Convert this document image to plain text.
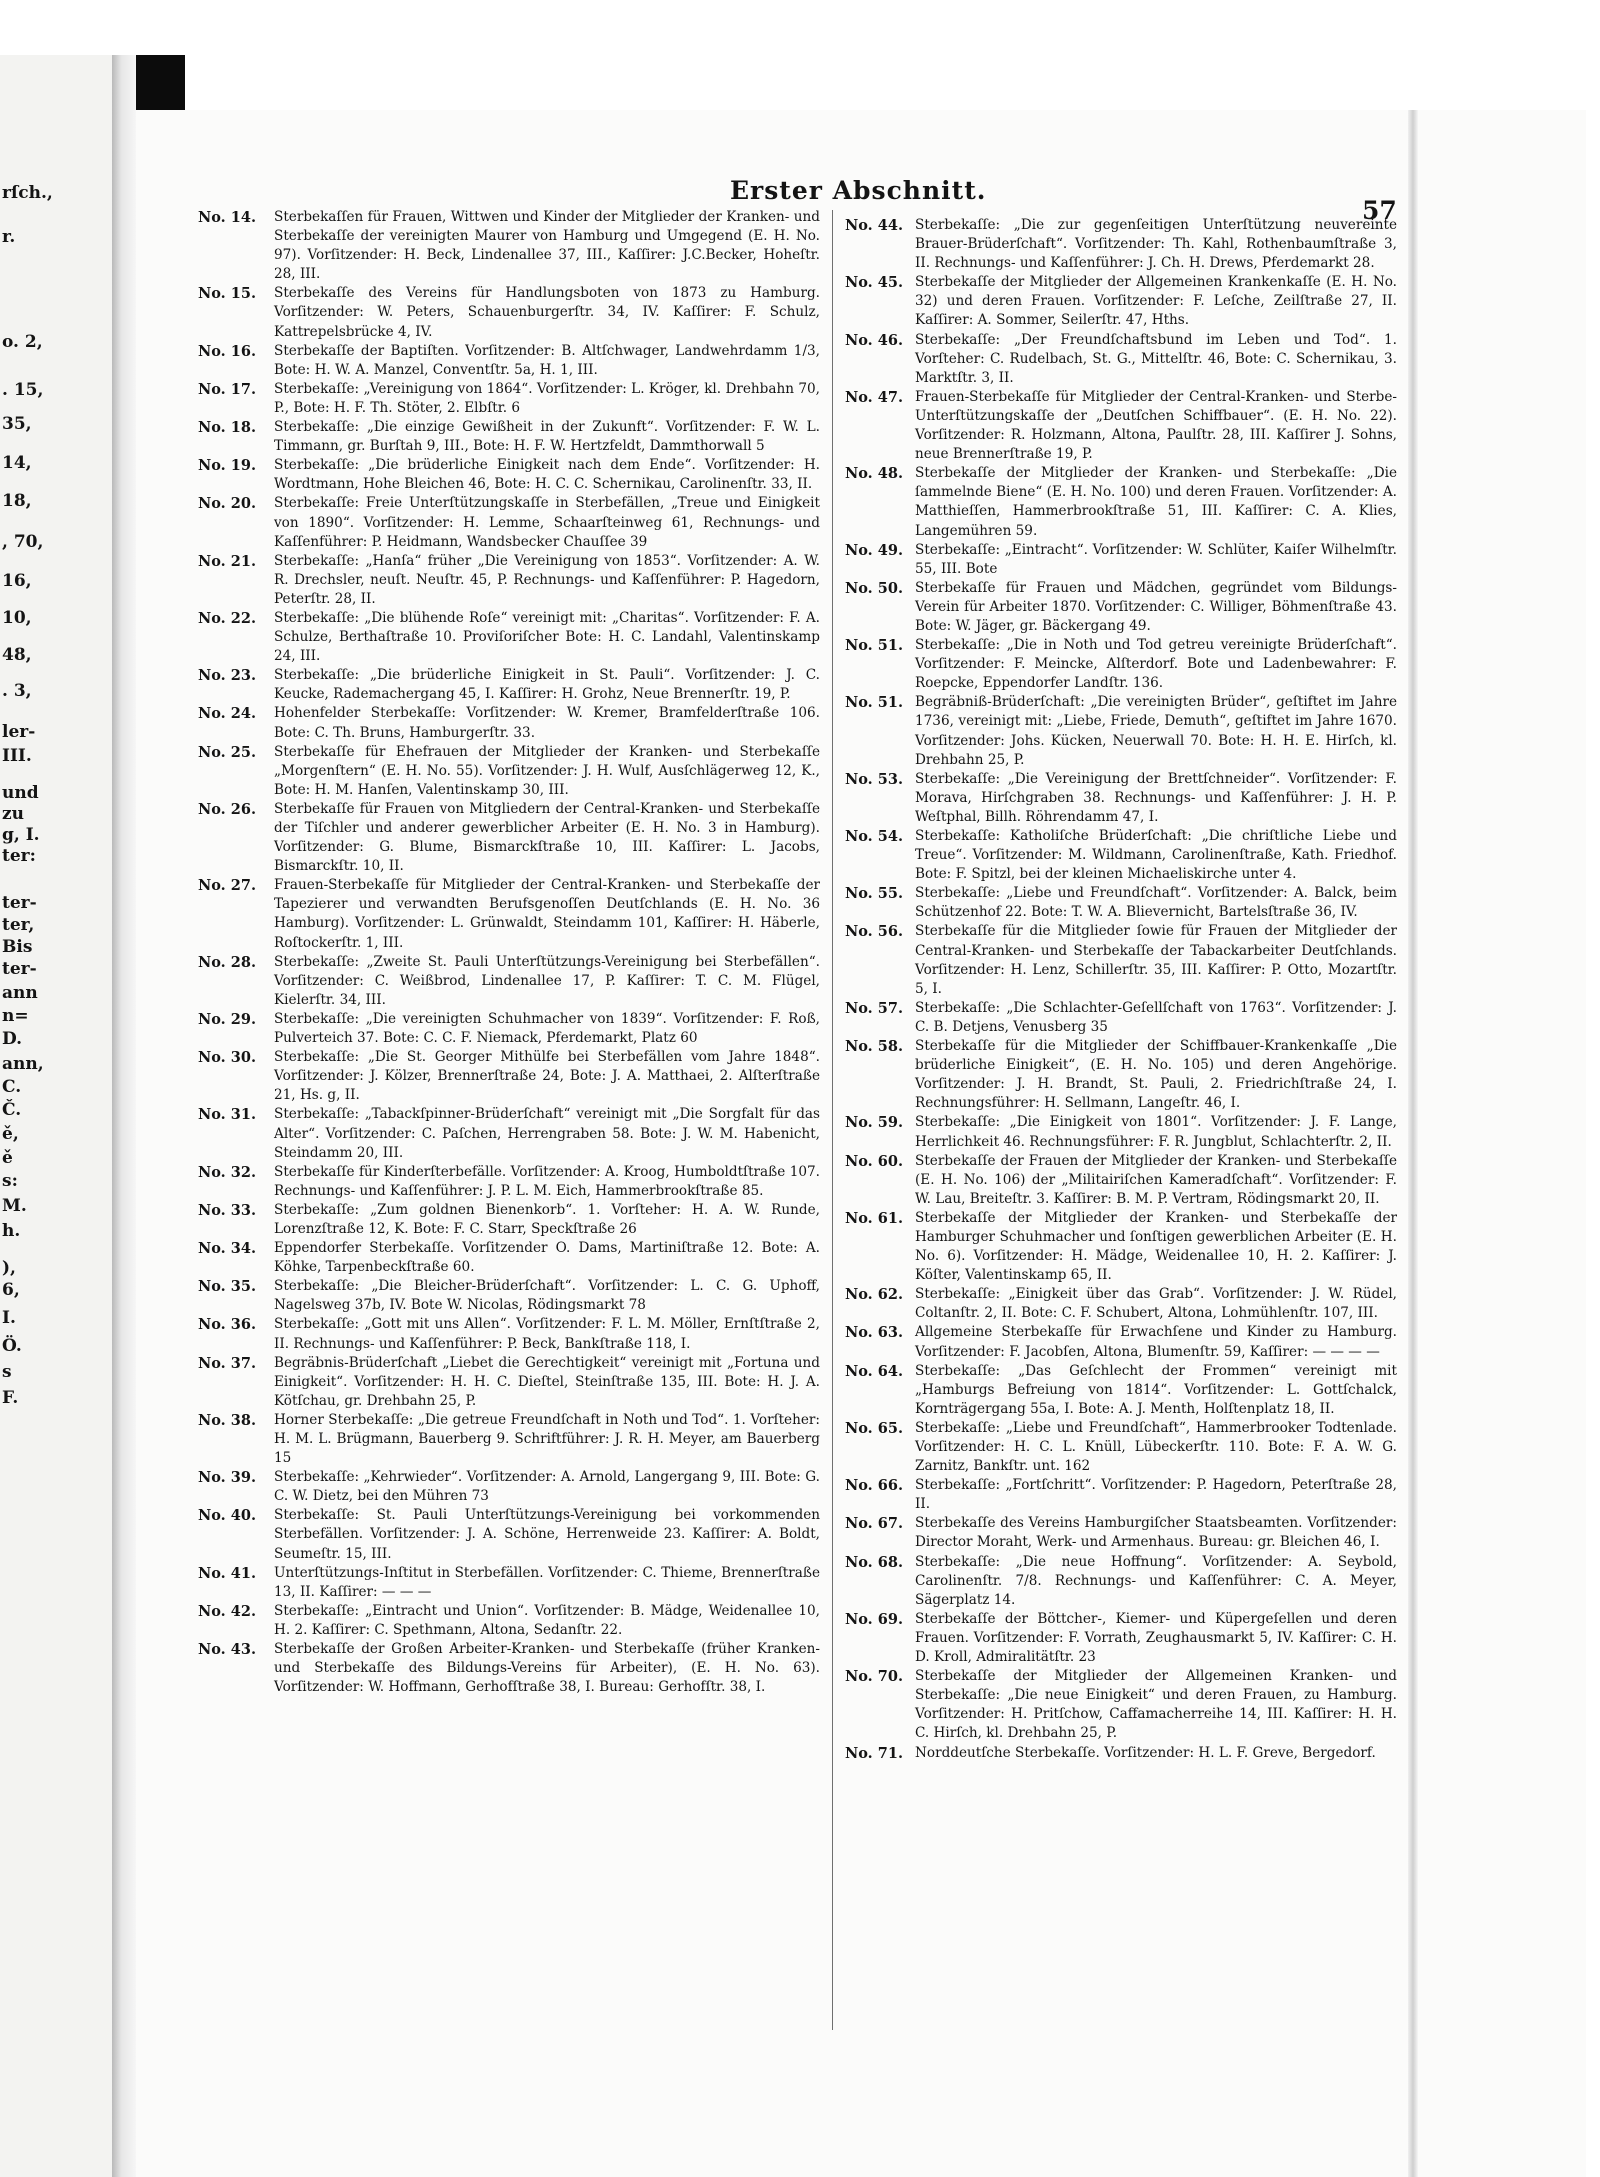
rſch.,
r.
o. 2,
. 15,
35,
14,
18,
, 70,
16,
10,
48,
. 3,
ler-
III.
und
zu
g, I.
ter:
ter-
ter,
Bis
ter-
ann
n=
D.
ann,
C.
Č.
ě,
ě
s:
M.
h.
),
6,
I.
Ö.
s
F.
Erster Abschnitt.
57
No. 14.	Sterbekaſſen für Frauen, Wittwen und Kinder der Mitglieder der Kranken- und Sterbekaſſe der vereinigten Maurer von Hamburg und Umgegend (E. H. No. 97). Vorſitzender: H. Beck, Lindenallee 37, III., Kaſſirer: J.C.Becker, Hoheſtr. 28, III.
No. 15.	Sterbekaſſe des Vereins für Handlungsboten von 1873 zu Hamburg. Vorſitzender: W. Peters, Schauenburgerſtr. 34, IV. Kaſſirer: F. Schulz, Kattrepelsbrücke 4, IV.
No. 16.	Sterbekaſſe der Baptiſten. Vorſitzender: B. Altſchwager, Landwehrdamm 1/3, Bote: H. W. A. Manzel, Conventſtr. 5a, H. 1, III.
No. 17.	Sterbekaſſe: „Vereinigung von 1864“. Vorſitzender: L. Kröger, kl. Drehbahn 70, P., Bote: H. F. Th. Stöter, 2. Elbſtr. 6
No. 18.	Sterbekaſſe: „Die einzige Gewißheit in der Zukunft“. Vorſitzender: F. W. L. Timmann, gr. Burſtah 9, III., Bote: H. F. W. Hertzfeldt, Dammthorwall 5
No. 19.	Sterbekaſſe: „Die brüderliche Einigkeit nach dem Ende“. Vorſitzender: H. Wordtmann, Hohe Bleichen 46, Bote: H. C. C. Schernikau, Carolinenſtr. 33, II.
No. 20.	Sterbekaſſe: Freie Unterſtützungskaſſe in Sterbefällen, „Treue und Einigkeit von 1890“. Vorſitzender: H. Lemme, Schaarſteinweg 61, Rechnungs- und Kaſſenführer: P. Heidmann, Wandsbecker Chauſſee 39
No. 21.	Sterbekaſſe: „Hanſa“ früher „Die Vereinigung von 1853“. Vorſitzender: A. W. R. Drechsler, neuſt. Neuſtr. 45, P. Rechnungs- und Kaſſenführer: P. Hagedorn, Peterſtr. 28, II.
No. 22.	Sterbekaſſe: „Die blühende Roſe“ vereinigt mit: „Charitas“. Vorſitzender: F. A. Schulze, Berthaſtraße 10. Proviſoriſcher Bote: H. C. Landahl, Valentinskamp 24, III.
No. 23.	Sterbekaſſe: „Die brüderliche Einigkeit in St. Pauli“. Vorſitzender: J. C. Keucke, Rademachergang 45, I. Kaſſirer: H. Grohz, Neue Brennerſtr. 19, P.
No. 24.	Hohenfelder Sterbekaſſe: Vorſitzender: W. Kremer, Bramfelderſtraße 106. Bote: C. Th. Bruns, Hamburgerſtr. 33.
No. 25.	Sterbekaſſe für Ehefrauen der Mitglieder der Kranken- und Sterbekaſſe „Morgenſtern“ (E. H. No. 55). Vorſitzender: J. H. Wulf, Ausſchlägerweg 12, K., Bote: H. M. Hanſen, Valentinskamp 30, III.
No. 26.	Sterbekaſſe für Frauen von Mitgliedern der Central-Kranken- und Sterbekaſſe der Tiſchler und anderer gewerblicher Arbeiter (E. H. No. 3 in Hamburg). Vorſitzender: G. Blume, Bismarckſtraße 10, III. Kaſſirer: L. Jacobs, Bismarckſtr. 10, II.
No. 27.	Frauen-Sterbekaſſe für Mitglieder der Central-Kranken- und Sterbekaſſe der Tapezierer und verwandten Berufsgenoſſen Deutſchlands (E. H. No. 36 Hamburg). Vorſitzender: L. Grünwaldt, Steindamm 101, Kaſſirer: H. Häberle, Roſtockerſtr. 1, III.
No. 28.	Sterbekaſſe: „Zweite St. Pauli Unterſtützungs-Vereinigung bei Sterbefällen“. Vorſitzender: C. Weißbrod, Lindenallee 17, P. Kaſſirer: T. C. M. Flügel, Kielerſtr. 34, III.
No. 29.	Sterbekaſſe: „Die vereinigten Schuhmacher von 1839“. Vorſitzender: F. Roß, Pulverteich 37. Bote: C. C. F. Niemack, Pferdemarkt, Platz 60
No. 30.	Sterbekaſſe: „Die St. Georger Mithülfe bei Sterbefällen vom Jahre 1848“. Vorſitzender: J. Kölzer, Brennerſtraße 24, Bote: J. A. Matthaei, 2. Alſterſtraße 21, Hs. g, II.
No. 31.	Sterbekaſſe: „Tabackſpinner-Brüderſchaft“ vereinigt mit „Die Sorgfalt für das Alter“. Vorſitzender: C. Paſchen, Herrengraben 58. Bote: J. W. M. Habenicht, Steindamm 20, III.
No. 32.	Sterbekaſſe für Kinderſterbefälle. Vorſitzender: A. Kroog, Humboldtſtraße 107. Rechnungs- und Kaſſenführer: J. P. L. M. Eich, Hammerbrookſtraße 85.
No. 33.	Sterbekaſſe: „Zum goldnen Bienenkorb“. 1. Vorſteher: H. A. W. Runde, Lorenzſtraße 12, K. Bote: F. C. Starr, Speckſtraße 26
No. 34.	Eppendorfer Sterbekaſſe. Vorſitzender O. Dams, Martiniſtraße 12. Bote: A. Köhke, Tarpenbeckſtraße 60.
No. 35.	Sterbekaſſe: „Die Bleicher-Brüderſchaft“. Vorſitzender: L. C. G. Uphoff, Nagelsweg 37b, IV. Bote W. Nicolas, Rödingsmarkt 78
No. 36.	Sterbekaſſe: „Gott mit uns Allen“. Vorſitzender: F. L. M. Möller, Ernſtſtraße 2, II. Rechnungs- und Kaſſenführer: P. Beck, Bankſtraße 118, I.
No. 37.	Begräbnis-Brüderſchaft „Liebet die Gerechtigkeit“ vereinigt mit „Fortuna und Einigkeit“. Vorſitzender: H. H. C. Dieſtel, Steinſtraße 135, III. Bote: H. J. A. Kötſchau, gr. Drehbahn 25, P.
No. 38.	Horner Sterbekaſſe: „Die getreue Freundſchaft in Noth und Tod“. 1. Vorſteher: H. M. L. Brügmann, Bauerberg 9. Schriftführer: J. R. H. Meyer, am Bauerberg 15
No. 39.	Sterbekaſſe: „Kehrwieder“. Vorſitzender: A. Arnold, Langergang 9, III. Bote: G. C. W. Dietz, bei den Mühren 73
No. 40.	Sterbekaſſe: St. Pauli Unterſtützungs-Vereinigung bei vorkommenden Sterbefällen. Vorſitzender: J. A. Schöne, Herrenweide 23. Kaſſirer: A. Boldt, Seumeſtr. 15, III.
No. 41.	Unterſtützungs-Inſtitut in Sterbefällen. Vorſitzender: C. Thieme, Brennerſtraße 13, II. Kaſſirer: — — —
No. 42.	Sterbekaſſe: „Eintracht und Union“. Vorſitzender: B. Mädge, Weidenallee 10, H. 2. Kaſſirer: C. Spethmann, Altona, Sedanſtr. 22.
No. 43.	Sterbekaſſe der Großen Arbeiter-Kranken- und Sterbekaſſe (früher Kranken- und Sterbekaſſe des Bildungs-Vereins für Arbeiter), (E. H. No. 63). Vorſitzender: W. Hoffmann, Gerhofſtraße 38, I. Bureau: Gerhofſtr. 38, I.
No. 44. Sterbekaſſe: „Die zur gegenſeitigen Unterſtützung neuvereinte Brauer-Brüderſchaft“. Vorſitzender: Th. Kahl, Rothenbaumſtraße 3, II. Rechnungs- und Kaſſenführer: J. Ch. H. Drews, Pferdemarkt 28.
No. 45. Sterbekaſſe der Mitglieder der Allgemeinen Krankenkaſſe (E. H. No. 32) und deren Frauen. Vorſitzender: F. Leſche, Zeilſtraße 27, II. Kaſſirer: A. Sommer, Seilerſtr. 47, Hths.
No. 46. Sterbekaſſe: „Der Freundſchaftsbund im Leben und Tod“. 1. Vorſteher: C. Rudelbach, St. G., Mittelſtr. 46, Bote: C. Schernikau, 3. Marktſtr. 3, II.
No. 47. Frauen-Sterbekaſſe für Mitglieder der Central-Kranken- und Sterbe-Unterſtützungskaſſe der „Deutſchen Schiffbauer“. (E. H. No. 22). Vorſitzender: R. Holzmann, Altona, Paulſtr. 28, III. Kaſſirer J. Sohns, neue Brennerſtraße 19, P.
No. 48. Sterbekaſſe der Mitglieder der Kranken- und Sterbekaſſe: „Die ſammelnde Biene“ (E. H. No. 100) und deren Frauen. Vorſitzender: A. Matthieſſen, Hammerbrookſtraße 51, III. Kaſſirer: C. A. Klies, Langemühren 59.
No. 49. Sterbekaſſe: „Eintracht“. Vorſitzender: W. Schlüter, Kaiſer Wilhelmſtr. 55, III. Bote
No. 50. Sterbekaſſe für Frauen und Mädchen, gegründet vom Bildungs-Verein für Arbeiter 1870. Vorſitzender: C. Williger, Böhmenſtraße 43. Bote: W. Jäger, gr. Bäckergang 49.
No. 51. Sterbekaſſe: „Die in Noth und Tod getreu vereinigte Brüderſchaft“. Vorſitzender: F. Meincke, Alſterdorf. Bote und Ladenbewahrer: F. Roepcke, Eppendorfer Landſtr. 136.
No. 51. Begräbniß-Brüderſchaft: „Die vereinigten Brüder“, geſtiftet im Jahre 1736, vereinigt mit: „Liebe, Friede, Demuth“, geſtiftet im Jahre 1670. Vorſitzender: Johs. Kücken, Neuerwall 70. Bote: H. H. E. Hirſch, kl. Drehbahn 25, P.
No. 53. Sterbekaſſe: „Die Vereinigung der Brettſchneider“. Vorſitzender: F. Morava, Hirſchgraben 38. Rechnungs- und Kaſſenführer: J. H. P. Weſtphal, Billh. Röhrendamm 47, I.
No. 54. Sterbekaſſe: Katholiſche Brüderſchaft: „Die chriſtliche Liebe und Treue“. Vorſitzender: M. Wildmann, Carolinenſtraße, Kath. Friedhof. Bote: F. Spitzl, bei der kleinen Michaeliskirche unter 4.
No. 55. Sterbekaſſe: „Liebe und Freundſchaft“. Vorſitzender: A. Balck, beim Schützenhof 22. Bote: T. W. A. Blievernicht, Bartelsſtraße 36, IV.
No. 56. Sterbekaſſe für die Mitglieder ſowie für Frauen der Mitglieder der Central-Kranken- und Sterbekaſſe der Tabackarbeiter Deutſchlands. Vorſitzender: H. Lenz, Schillerſtr. 35, III. Kaſſirer: P. Otto, Mozartſtr. 5, I.
No. 57. Sterbekaſſe: „Die Schlachter-Geſellſchaft von 1763“. Vorſitzender: J. C. B. Detjens, Venusberg 35
No. 58. Sterbekaſſe für die Mitglieder der Schiffbauer-Krankenkaſſe „Die brüderliche Einigkeit“, (E. H. No. 105) und deren Angehörige. Vorſitzender: J. H. Brandt, St. Pauli, 2. Friedrichſtraße 24, I. Rechnungsführer: H. Sellmann, Langeſtr. 46, I.
No. 59. Sterbekaſſe: „Die Einigkeit von 1801“. Vorſitzender: J. F. Lange, Herrlichkeit 46. Rechnungsführer: F. R. Jungblut, Schlachterſtr. 2, II.
No. 60. Sterbekaſſe der Frauen der Mitglieder der Kranken- und Sterbekaſſe (E. H. No. 106) der „Militairiſchen Kameradſchaft“. Vorſitzender: F. W. Lau, Breiteſtr. 3. Kaſſirer: B. M. P. Vertram, Rödingsmarkt 20, II.
No. 61. Sterbekaſſe der Mitglieder der Kranken- und Sterbekaſſe der Hamburger Schuhmacher und ſonſtigen gewerblichen Arbeiter (E. H. No. 6). Vorſitzender: H. Mädge, Weidenallee 10, H. 2. Kaſſirer: J. Köſter, Valentinskamp 65, II.
No. 62. Sterbekaſſe: „Einigkeit über das Grab“. Vorſitzender: J. W. Rüdel, Coltanſtr. 2, II. Bote: C. F. Schubert, Altona, Lohmühlenſtr. 107, III.
No. 63. Allgemeine Sterbekaſſe für Erwachſene und Kinder zu Hamburg. Vorſitzender: F. Jacobſen, Altona, Blumenſtr. 59, Kaſſirer: — — — —
No. 64. Sterbekaſſe: „Das Geſchlecht der Frommen“ vereinigt mit „Hamburgs Befreiung von 1814“. Vorſitzender: L. Gottſchalck, Kornträgergang 55a, I. Bote: A. J. Menth, Holſtenplatz 18, II.
No. 65. Sterbekaſſe: „Liebe und Freundſchaft“, Hammerbrooker Todtenlade. Vorſitzender: H. C. L. Knüll, Lübeckerſtr. 110. Bote: F. A. W. G. Zarnitz, Bankſtr. unt. 162
No. 66. Sterbekaſſe: „Fortſchritt“. Vorſitzender: P. Hagedorn, Peterſtraße 28, II.
No. 67. Sterbekaſſe des Vereins Hamburgiſcher Staatsbeamten. Vorſitzender: Director Moraht, Werk- und Armenhaus. Bureau: gr. Bleichen 46, I.
No. 68. Sterbekaſſe: „Die neue Hoffnung“. Vorſitzender: A. Seybold, Carolinenſtr. 7/8. Rechnungs- und Kaſſenführer: C. A. Meyer, Sägerplatz 14.
No. 69. Sterbekaſſe der Böttcher-, Kiemer- und Küpergeſellen und deren Frauen. Vorſitzender: F. Vorrath, Zeughausmarkt 5, IV. Kaſſirer: C. H. D. Kroll, Admiralitätſtr. 23
No. 70. Sterbekaſſe der Mitglieder der Allgemeinen Kranken- und Sterbekaſſe: „Die neue Einigkeit“ und deren Frauen, zu Hamburg. Vorſitzender: H. Pritſchow, Caffamacherreihe 14, III. Kaſſirer: H. H. C. Hirſch, kl. Drehbahn 25, P.
No. 71. Norddeutſche Sterbekaſſe. Vorſitzender: H. L. F. Greve, Bergedorf.
